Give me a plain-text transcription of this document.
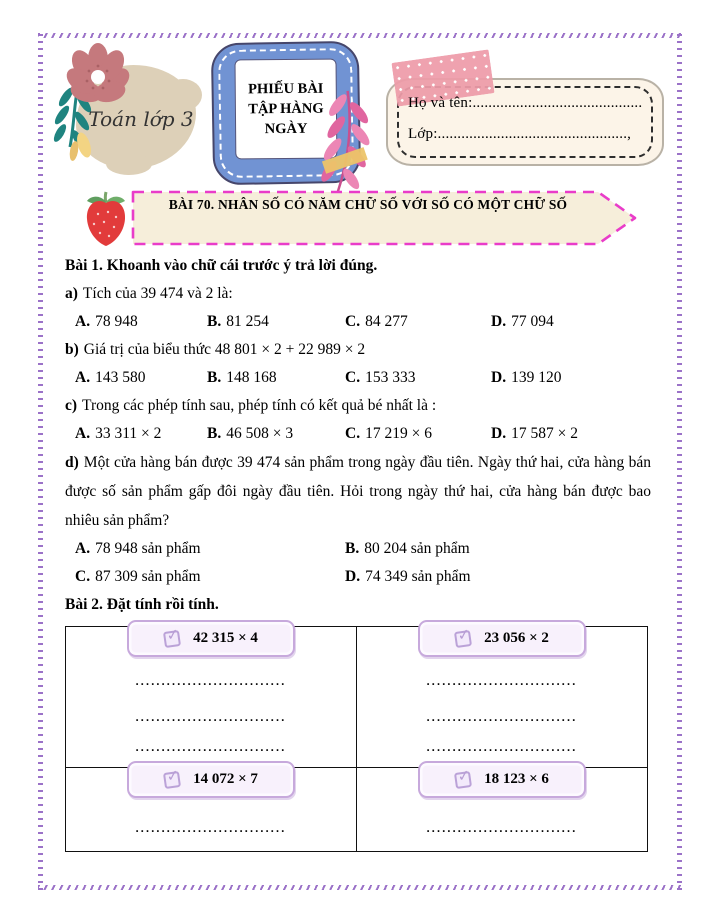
Toán lớp 3
PHIẾU BÀI TẬP HÀNG NGÀY
Họ và tên:...........................................
Lớp:................................................,
BÀI 70. NHÂN SỐ CÓ NĂM CHỮ SỐ VỚI SỐ CÓ MỘT CHỮ SỐ

Bài 1. Khoanh vào chữ cái trước ý trả lời đúng.

a) Tích của 39 474 và 2 là:

A. 78 948	B. 81 254	C. 84 277	D. 77 094

b) Giá trị của biểu thức 48 801 × 2 + 22 989 × 2

A. 143 580	B. 148 168	C. 153 333	D. 139 120

c) Trong các phép tính sau, phép tính có kết quả bé nhất là :

A. 33 311 × 2	B. 46 508 × 3	C. 17 219 × 6	D. 17 587 × 2

d) Một cửa hàng bán được 39 474 sản phẩm trong ngày đầu tiên. Ngày thứ hai, cửa hàng bán được số sản phẩm gấp đôi ngày đầu tiên. Hỏi trong ngày thứ hai, cửa hàng bán được bao nhiêu sản phẩm?

A. 78 948 sản phẩm	B. 80 204 sản phẩm
C. 87 309 sản phẩm	D. 74 349 sản phẩm

Bài 2. Đặt tính rồi tính.

✓
42 315 × 4
.............................
.............................
.............................

✓
23 056 × 2
.............................
.............................
.............................

✓
14 072 × 7
.............................

✓
18 123 × 6
.............................
